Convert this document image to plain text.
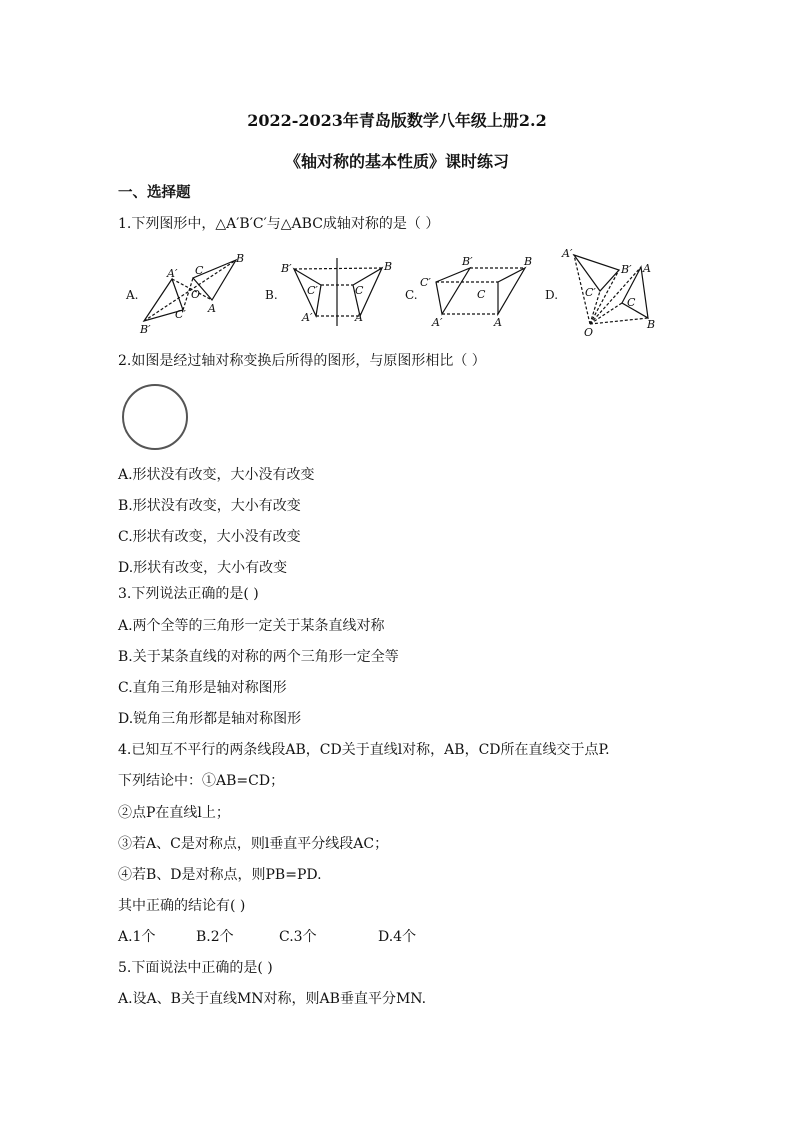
2022-2023年青岛版数学八年级上册2.2
《轴对称的基本性质》课时练习
一、选择题
1.下列图形中，△A′B′C′与△ABC成轴对称的是（ ）
A.	B.	C.	D.
A′
B′
C′
O
C
A
B
B′
C′
A′
B
C
A
C′
B′
A′
C
B
A
A′
B′
C′
A
C
B
O
2.如图是经过轴对称变换后所得的图形，与原图形相比（ ）
A.形状没有改变，大小没有改变
B.形状没有改变，大小有改变
C.形状有改变，大小没有改变
D.形状有改变，大小有改变
3.下列说法正确的是( )
A.两个全等的三角形一定关于某条直线对称
B.关于某条直线的对称的两个三角形一定全等
C.直角三角形是轴对称图形
D.锐角三角形都是轴对称图形
4.已知互不平行的两条线段AB，CD关于直线l对称，AB，CD所在直线交于点P.
下列结论中：①AB=CD；
②点P在直线l上；
③若A、C是对称点，则l垂直平分线段AC；
④若B、D是对称点，则PB=PD.
其中正确的结论有( )
A.1个	B.2个	C.3个	D.4个
5.下面说法中正确的是( )
A.设A、B关于直线MN对称，则AB垂直平分MN.
